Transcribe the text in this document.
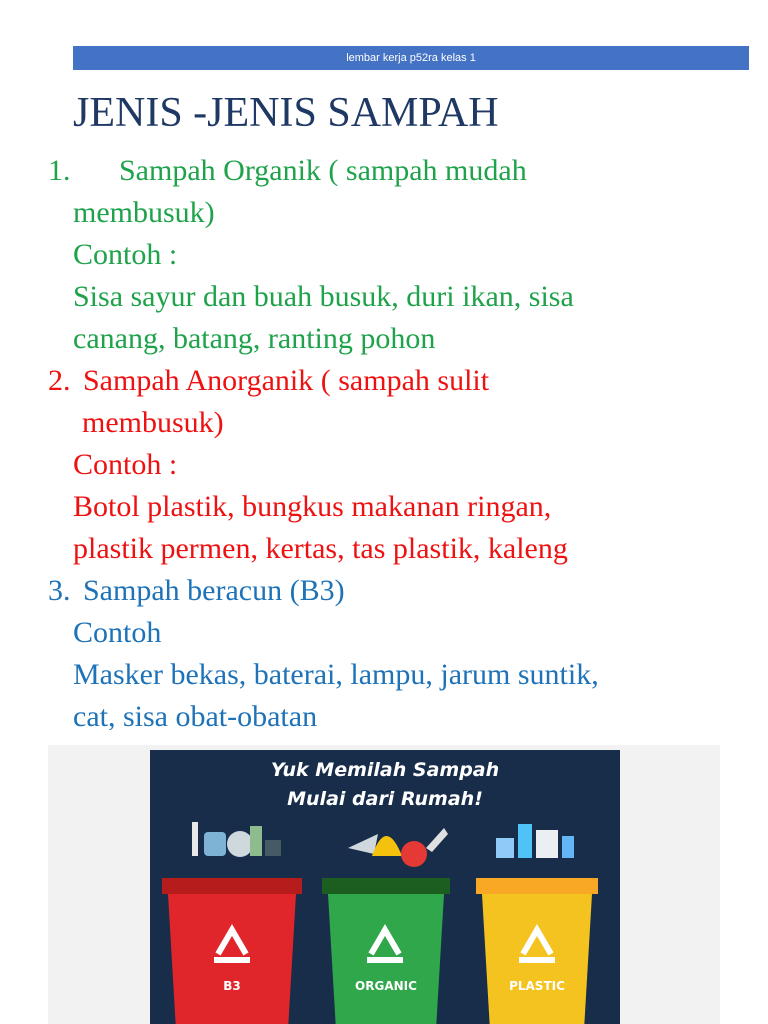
lembar kerja p52ra kelas 1
JENIS -JENIS SAMPAH
1. Sampah Organik ( sampah mudah
membusuk)
Contoh :
Sisa sayur dan buah busuk, duri ikan, sisa
canang, batang, ranting pohon
2. Sampah Anorganik ( sampah sulit
membusuk)
Contoh :
Botol plastik, bungkus makanan ringan,
plastik permen, kertas, tas plastik, kaleng
3. Sampah beracun (B3)
Contoh
Masker bekas, baterai, lampu, jarum suntik,
cat, sisa obat-obatan
Yuk Memilah Sampah
Mulai dari Rumah!
B3	ORGANIC	PLASTIC
